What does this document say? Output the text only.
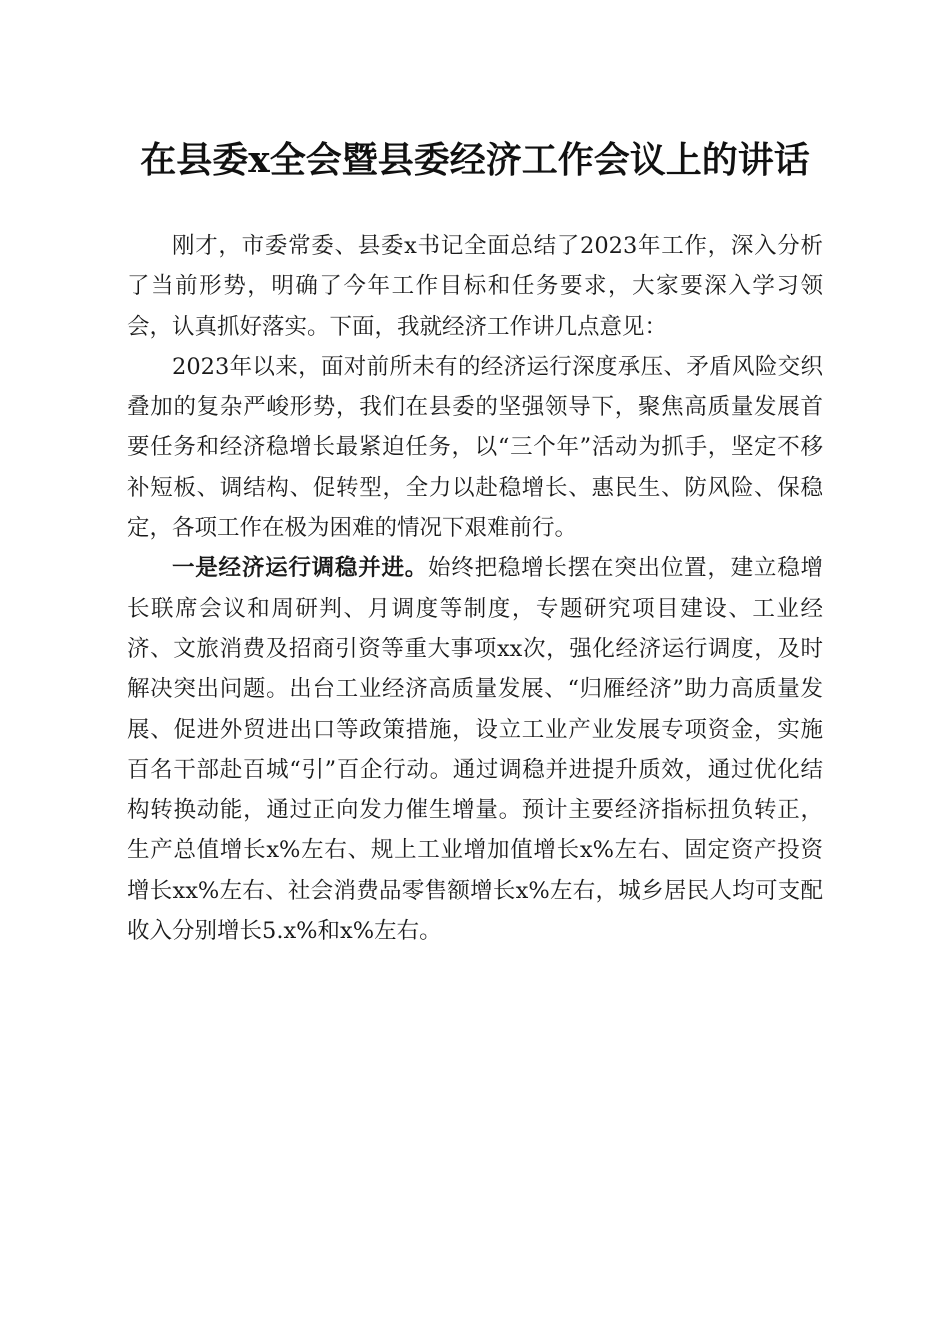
在县委x全会暨县委经济工作会议上的讲话

刚才，市委常委、县委x书记全面总结了2023年工作，深入分析了当前形势，明确了今年工作目标和任务要求，大家要深入学习领会，认真抓好落实。下面，我就经济工作讲几点意见：

2023年以来，面对前所未有的经济运行深度承压、矛盾风险交织叠加的复杂严峻形势，我们在县委的坚强领导下，聚焦高质量发展首要任务和经济稳增长最紧迫任务，以“三个年”活动为抓手，坚定不移补短板、调结构、促转型，全力以赴稳增长、惠民生、防风险、保稳定，各项工作在极为困难的情况下艰难前行。

一是经济运行调稳并进。始终把稳增长摆在突出位置，建立稳增长联席会议和周研判、月调度等制度，专题研究项目建设、工业经济、文旅消费及招商引资等重大事项xx次，强化经济运行调度，及时解决突出问题。出台工业经济高质量发展、“归雁经济”助力高质量发展、促进外贸进出口等政策措施，设立工业产业发展专项资金，实施百名干部赴百城“引”百企行动。通过调稳并进提升质效，通过优化结构转换动能，通过正向发力催生增量。预计主要经济指标扭负转正，生产总值增长x%左右、规上工业增加值增长x%左右、固定资产投资增长xx%左右、社会消费品零售额增长x%左右，城乡居民人均可支配收入分别增长5.x%和x%左右。
